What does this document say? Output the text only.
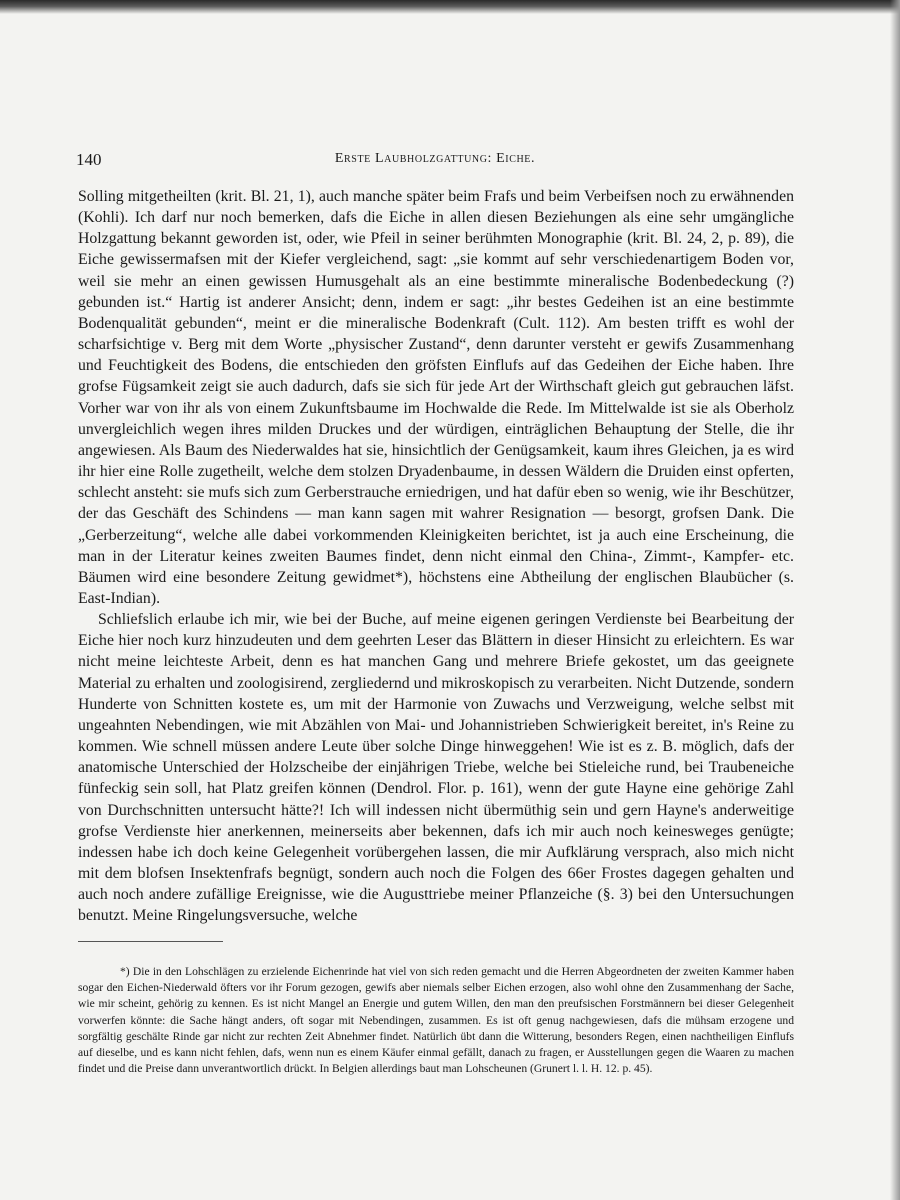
140	Erste Laubholzgattung: Eiche.

Solling mitgetheilten (krit. Bl. 21, 1), auch manche später beim Frafs und beim Verbeifsen noch zu erwähnenden (Kohli). Ich darf nur noch bemerken, dafs die Eiche in allen diesen Beziehungen als eine sehr umgängliche Holzgattung bekannt geworden ist, oder, wie Pfeil in seiner berühmten Monographie (krit. Bl. 24, 2, p. 89), die Eiche gewissermafsen mit der Kiefer vergleichend, sagt: „sie kommt auf sehr verschiedenartigem Boden vor, weil sie mehr an einen gewissen Humusgehalt als an eine bestimmte mineralische Bodenbedeckung (?) gebunden ist.“ Hartig ist anderer Ansicht; denn, indem er sagt: „ihr bestes Gedeihen ist an eine bestimmte Bodenqualität gebunden“, meint er die mineralische Bodenkraft (Cult. 112). Am besten trifft es wohl der scharfsichtige v. Berg mit dem Worte „physischer Zustand“, denn darunter versteht er gewifs Zusammenhang und Feuchtigkeit des Bodens, die entschieden den gröfsten Einflufs auf das Gedeihen der Eiche haben. Ihre grofse Fügsamkeit zeigt sie auch dadurch, dafs sie sich für jede Art der Wirthschaft gleich gut gebrauchen läfst. Vorher war von ihr als von einem Zukunftsbaume im Hochwalde die Rede. Im Mittelwalde ist sie als Oberholz unvergleichlich wegen ihres milden Druckes und der würdigen, einträglichen Behauptung der Stelle, die ihr angewiesen. Als Baum des Niederwaldes hat sie, hinsichtlich der Genügsamkeit, kaum ihres Gleichen, ja es wird ihr hier eine Rolle zugetheilt, welche dem stolzen Dryadenbaume, in dessen Wäldern die Druiden einst opferten, schlecht ansteht: sie mufs sich zum Gerberstrauche erniedrigen, und hat dafür eben so wenig, wie ihr Beschützer, der das Geschäft des Schindens — man kann sagen mit wahrer Resignation — besorgt, grofsen Dank. Die „Gerberzeitung“, welche alle dabei vorkommenden Kleinigkeiten berichtet, ist ja auch eine Erscheinung, die man in der Literatur keines zweiten Baumes findet, denn nicht einmal den China-, Zimmt-, Kampfer- etc. Bäumen wird eine besondere Zeitung gewidmet*), höchstens eine Abtheilung der englischen Blaubücher (s. East-Indian).

Schliefslich erlaube ich mir, wie bei der Buche, auf meine eigenen geringen Verdienste bei Bearbeitung der Eiche hier noch kurz hinzudeuten und dem geehrten Leser das Blättern in dieser Hinsicht zu erleichtern. Es war nicht meine leichteste Arbeit, denn es hat manchen Gang und mehrere Briefe gekostet, um das geeignete Material zu erhalten und zoologisirend, zergliedernd und mikroskopisch zu verarbeiten. Nicht Dutzende, sondern Hunderte von Schnitten kostete es, um mit der Harmonie von Zuwachs und Verzweigung, welche selbst mit ungeahnten Nebendingen, wie mit Abzählen von Mai- und Johannistrieben Schwierigkeit bereitet, in's Reine zu kommen. Wie schnell müssen andere Leute über solche Dinge hinweggehen! Wie ist es z. B. möglich, dafs der anatomische Unterschied der Holzscheibe der einjährigen Triebe, welche bei Stieleiche rund, bei Traubeneiche fünfeckig sein soll, hat Platz greifen können (Dendrol. Flor. p. 161), wenn der gute Hayne eine gehörige Zahl von Durchschnitten untersucht hätte?! Ich will indessen nicht übermüthig sein und gern Hayne's anderweitige grofse Verdienste hier anerkennen, meinerseits aber bekennen, dafs ich mir auch noch keinesweges genügte; indessen habe ich doch keine Gelegenheit vorübergehen lassen, die mir Aufklärung versprach, also mich nicht mit dem blofsen Insektenfrafs begnügt, sondern auch noch die Folgen des 66er Frostes dagegen gehalten und auch noch andere zufällige Ereignisse, wie die Augusttriebe meiner Pflanzeiche (§. 3) bei den Untersuchungen benutzt. Meine Ringelungsversuche, welche

*) Die in den Lohschlägen zu erzielende Eichenrinde hat viel von sich reden gemacht und die Herren Abgeordneten der zweiten Kammer haben sogar den Eichen-Niederwald öfters vor ihr Forum gezogen, gewifs aber niemals selber Eichen erzogen, also wohl ohne den Zusammenhang der Sache, wie mir scheint, gehörig zu kennen. Es ist nicht Mangel an Energie und gutem Willen, den man den preufsischen Forstmännern bei dieser Gelegenheit vorwerfen könnte: die Sache hängt anders, oft sogar mit Nebendingen, zusammen. Es ist oft genug nachgewiesen, dafs die mühsam erzogene und sorgfältig geschälte Rinde gar nicht zur rechten Zeit Abnehmer findet. Natürlich übt dann die Witterung, besonders Regen, einen nachtheiligen Einflufs auf dieselbe, und es kann nicht fehlen, dafs, wenn nun es einem Käufer einmal gefällt, danach zu fragen, er Ausstellungen gegen die Waaren zu machen findet und die Preise dann unverantwortlich drückt. In Belgien allerdings baut man Lohscheunen (Grunert l. l. H. 12. p. 45).
